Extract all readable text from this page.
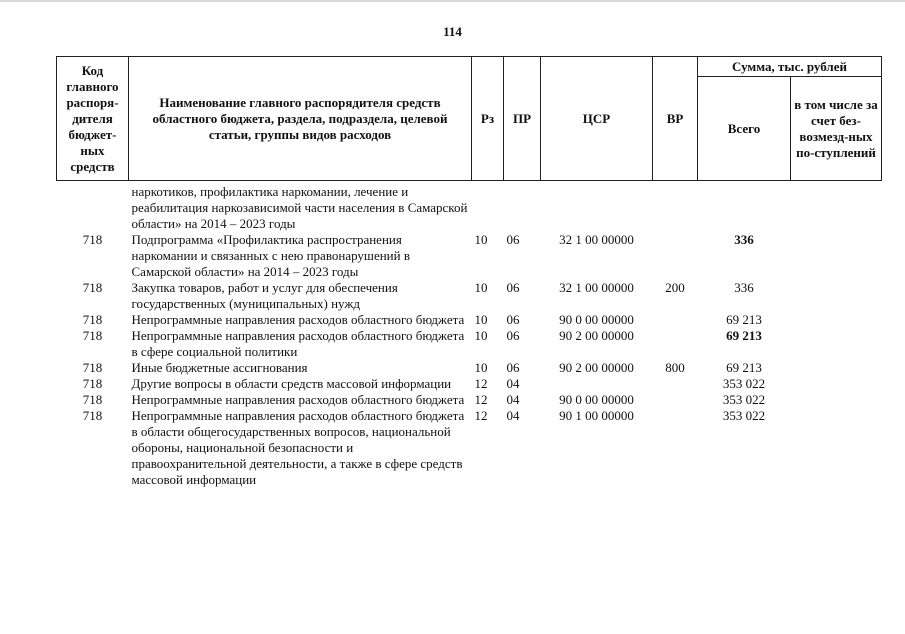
114
Код главного распоря-дителя бюджет-ных средств	Наименование главного распорядителя средств областного бюджета, раздела, подраздела, целевой статьи, группы видов расходов	Рз	ПР	ЦСР	ВР	Сумма, тыс. рублей	
						Всего	в том числе за счет без-возмезд-ных по-ступлений
	наркотиков, профилактика наркомании, лечение и реабилитация наркозависимой части населения в Самарской области» на 2014 – 2023 годы						
718	Подпрограмма «Профилактика распространения наркомании и связанных с нею правонарушений в Самарской области» на 2014 – 2023 годы	10	06	32 1 00 00000		336	
718	Закупка товаров, работ и услуг для обеспечения государственных (муниципальных) нужд	10	06	32 1 00 00000	200	336	
718	Непрограммные направления расходов областного бюджета	10	06	90 0 00 00000		69 213	
718	Непрограммные направления расходов областного бюджета в сфере социальной политики	10	06	90 2 00 00000		69 213	
718	Иные бюджетные ассигнования	10	06	90 2 00 00000	800	69 213	
718	Другие вопросы в области средств массовой информации	12	04			353 022	
718	Непрограммные направления расходов областного бюджета	12	04	90 0 00 00000		353 022	
718	Непрограммные направления расходов областного бюджета в области общегосударственных вопросов, национальной обороны, национальной безопасности и правоохранительной деятельности, а также в сфере средств массовой информации	12	04	90 1 00 00000		353 022	
